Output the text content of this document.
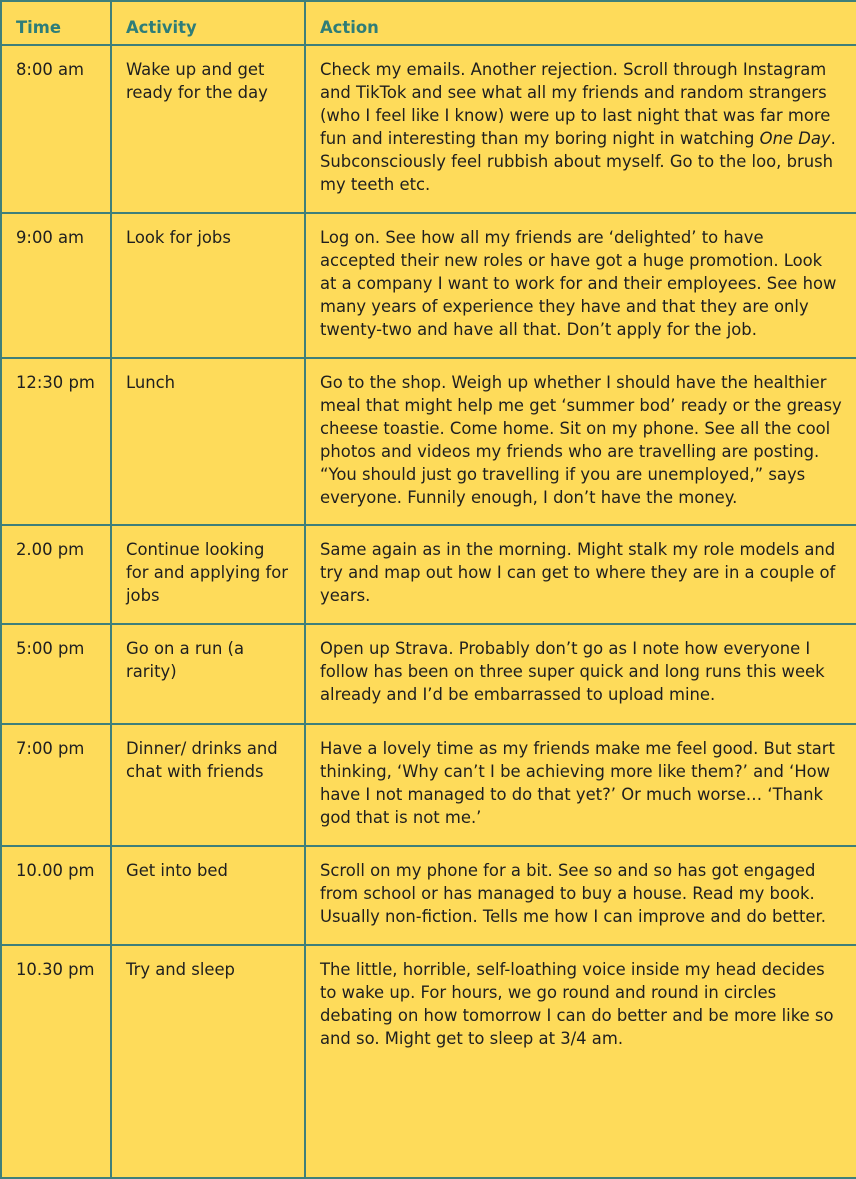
Time	Activity	Action
8:00 am	Wake up and get ready for the day	Check my emails. Another rejection. Scroll through Instagram and TikTok and see what all my friends and random strangers (who I feel like I know) were up to last night that was far more fun and interesting than my boring night in watching One Day. Subconsciously feel rubbish about myself. Go to the loo, brush my teeth etc.
9:00 am	Look for jobs	Log on. See how all my friends are ‘delighted’ to have accepted their new roles or have got a huge promotion. Look at a company I want to work for and their employees. See how many years of experience they have and that they are only twenty-two and have all that. Don’t apply for the job.
12:30 pm	Lunch	Go to the shop. Weigh up whether I should have the healthier meal that might help me get ‘summer bod’ ready or the greasy cheese toastie. Come home. Sit on my phone. See all the cool photos and videos my friends who are travelling are posting. “You should just go travelling if you are unemployed,” says everyone. Funnily enough, I don’t have the money.
2.00 pm	Continue looking for and applying for jobs	Same again as in the morning. Might stalk my role models and try and map out how I can get to where they are in a couple of years.
5:00 pm	Go on a run (a rarity)	Open up Strava. Probably don’t go as I note how everyone I follow has been on three super quick and long runs this week already and I’d be embarrassed to upload mine.
7:00 pm	Dinner/ drinks and chat with friends	Have a lovely time as my friends make me feel good. But start thinking, ‘Why can’t I be achieving more like them?’ and ‘How have I not managed to do that yet?’ Or much worse… ‘Thank god that is not me.’
10.00 pm	Get into bed	Scroll on my phone for a bit. See so and so has got engaged from school or has managed to buy a house. Read my book. Usually non-fiction. Tells me how I can improve and do better.
10.30 pm	Try and sleep	The little, horrible, self-loathing voice inside my head decides to wake up. For hours, we go round and round in circles debating on how tomorrow I can do better and be more like so and so. Might get to sleep at 3/4 am.
